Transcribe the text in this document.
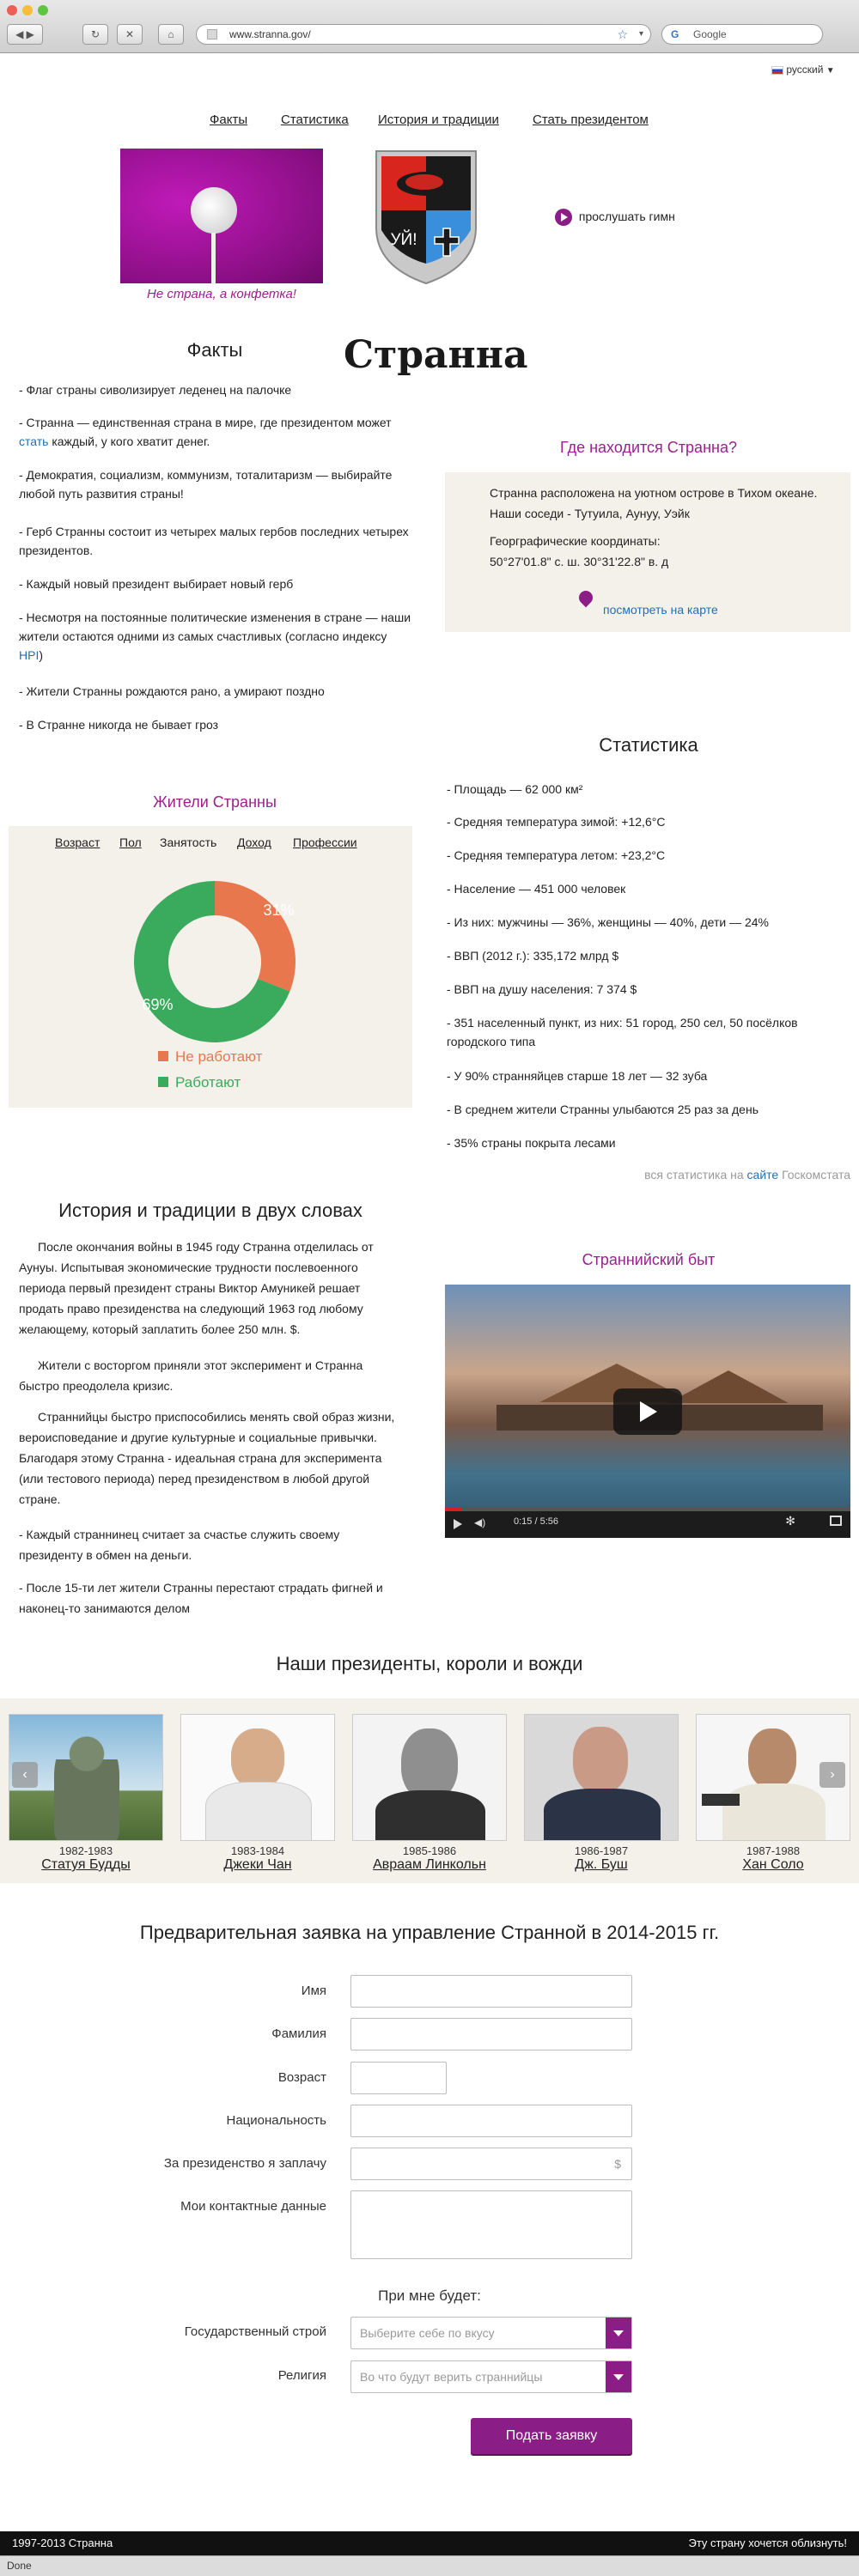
◀ ▶	↻	✕	⌂	www.stranna.gov/	☆ ▾	G Google
русский ▼
Факты	Статистика История и традиции	Стать президентом
Не страна, а конфетка!
УЙ!
прослушать гимн
Странна
Факты
- Флаг страны сиволизирует леденец на палочке
- Странна — единственная страна в мире, где президентом может
стать каждый, у кого хватит денег.
- Демократия, социализм, коммунизм, тоталитаризм — выбирайте любой путь развития страны!
- Герб Странны состоит из четырех малых гербов последних четырех президентов.
- Каждый новый президент выбирает новый герб
- Несмотря на постоянные политические изменения в стране — наши жители остаются одними из самых счастливых (согласно индексу HPI)
- Жители Странны рождаются рано, а умирают поздно
- В Странне никогда не бывает гроз
Где находится Странна?
Странна расположена на уютном острове в Тихом океане. Наши соседи - Тутуила, Аунуу, Уэйк
Георграфические координаты:
50°27'01.8" с. ш. 30°31'22.8" в. д
посмотреть на карте
Статистика
- Площадь — 62 000 км²
- Средняя температура зимой: +12,6°C
- Средняя температура летом: +23,2°C
- Население — 451 000 человек
- Из них: мужчины — 36%, женщины — 40%, дети — 24%
- ВВП (2012 г.): 335,172 млрд $
- ВВП на душу населения: 7 374 $
- 351 населенный пункт, из них: 51 город, 250 сел, 50 посёлков городского типа
- У 90% странняйцев старше 18 лет — 32 зуба
- В среднем жители Странны улыбаются 25 раз за день
- 35% страны покрыта лесами
вся статистика на сайте Госкомстата
Жители Странны
Возраст Пол Занятость Доход Профессии
31%
69%
Не работают
Работают
История и традиции в двух словах
После окончания войны в 1945 году Странна отделилась от Аунуы. Испытывая экономические трудности послевоенного периода первый президент страны Виктор Амуникей решает продать право президенства на следующий 1963 год любому желающему, который заплатить более 250 млн. $.
Жители с восторгом приняли этот эксперимент и Странна быстро преодолела кризис.
Страннийцы быстро приспособились менять свой образ жизни, вероисповедание и другие культурные и социальные привычки. Благодаря этому Странна - идеальная страна для эксперимента (или тестового периода) перед президенством в любой другой стране.
- Каждый страннинец считает за счастье служить своему президенту в обмен на деньги.
- После 15-ти лет жители Странны перестают страдать фигней и наконец-то занимаются делом
Страннийский быт
◀)	0:15 / 5:56	✻
Наши президенты, короли и вожди
1982-1983
Статуя Будды
1983-1984
Джеки Чан
1985-1986
Авраам Линкольн
1986-1987
Дж. Буш
1987-1988
Хан Соло
‹	›
Предварительная заявка на управление Странной в 2014-2015 гг.
Имя
Фамилия
Возраст
Национальность
За президенство я заплачу	$
Мои контактные данные
При мне будет:
Государственный строй	Выберите себе по вкусу
Религия	Во что будут верить страннийцы
Подать заявку
1997-2013 Странна	Эту страну хочется облизнуть!
Done
